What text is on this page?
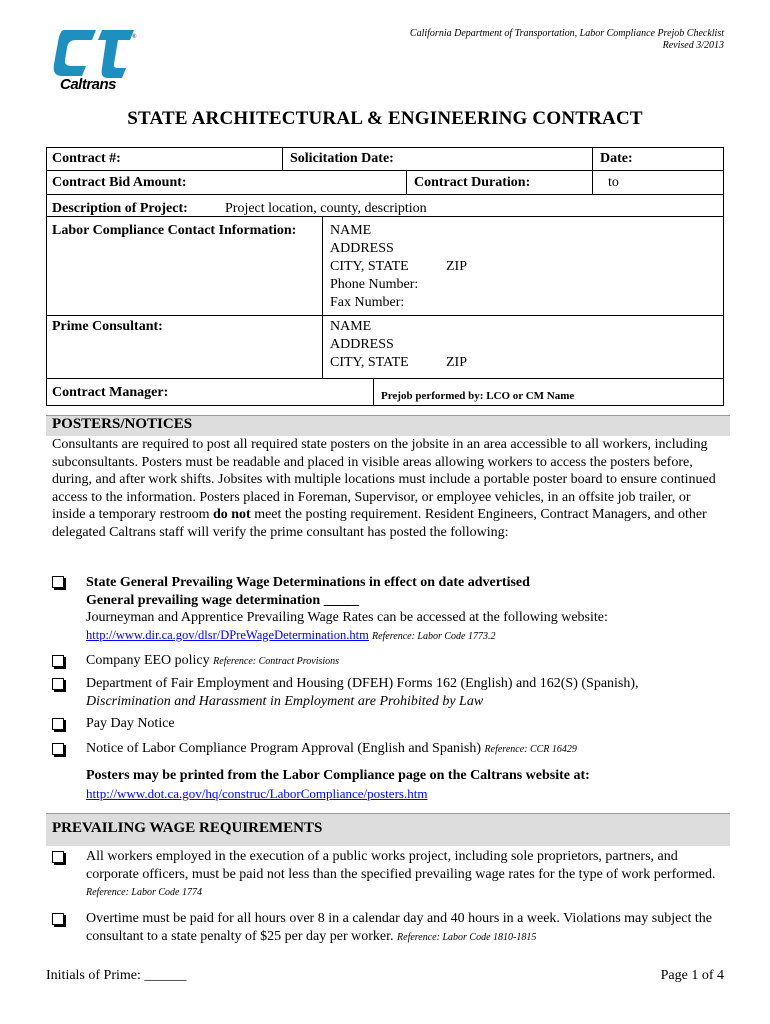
®
Caltrans
California Department of Transportation, Labor Compliance Prejob Checklist
Revised 3/2013
STATE ARCHITECTURAL & ENGINEERING CONTRACT
Contract #:	Solicitation Date:	Date:
Contract Bid Amount:	Contract Duration:	to
Description of Project:	Project location, county, description
Labor Compliance Contact Information: NAME
ADDRESS
CITY, STATE	ZIP
Phone Number:
Fax Number:
Prime Consultant:	NAME
ADDRESS
CITY, STATE	ZIP
Contract Manager:	Prejob performed by: LCO or CM Name
POSTERS/NOTICES
Consultants are required to post all required state posters on the jobsite in an area accessible to all workers, including subconsultants. Posters must be readable and placed in visible areas allowing workers to access the posters before, during, and after work shifts. Jobsites with multiple locations must include a portable poster board to ensure continued access to the information. Posters placed in Foreman, Supervisor, or employee vehicles, in an offsite job trailer, or inside a temporary restroom do not meet the posting requirement. Resident Engineers, Contract Managers, and other delegated Caltrans staff will verify the prime consultant has posted the following:
State General Prevailing Wage Determinations in effect on date advertised
General prevailing wage determination _____
Journeyman and Apprentice Prevailing Wage Rates can be accessed at the following website:
http://www.dir.ca.gov/dlsr/DPreWageDetermination.htm Reference: Labor Code 1773.2
Company EEO policy Reference: Contract Provisions
Department of Fair Employment and Housing (DFEH) Forms 162 (English) and 162(S) (Spanish),
Discrimination and Harassment in Employment are Prohibited by Law
Pay Day Notice
Notice of Labor Compliance Program Approval (English and Spanish) Reference: CCR 16429
Posters may be printed from the Labor Compliance page on the Caltrans website at:
http://www.dot.ca.gov/hq/construc/LaborCompliance/posters.htm
PREVAILING WAGE REQUIREMENTS
All workers employed in the execution of a public works project, including sole proprietors, partners, and corporate officers, must be paid not less than the specified prevailing wage rates for the type of work performed. Reference: Labor Code 1774
Overtime must be paid for all hours over 8 in a calendar day and 40 hours in a week. Violations may subject the consultant to a state penalty of $25 per day per worker. Reference: Labor Code 1810-1815
Initials of Prime: ______	Page 1 of 4
